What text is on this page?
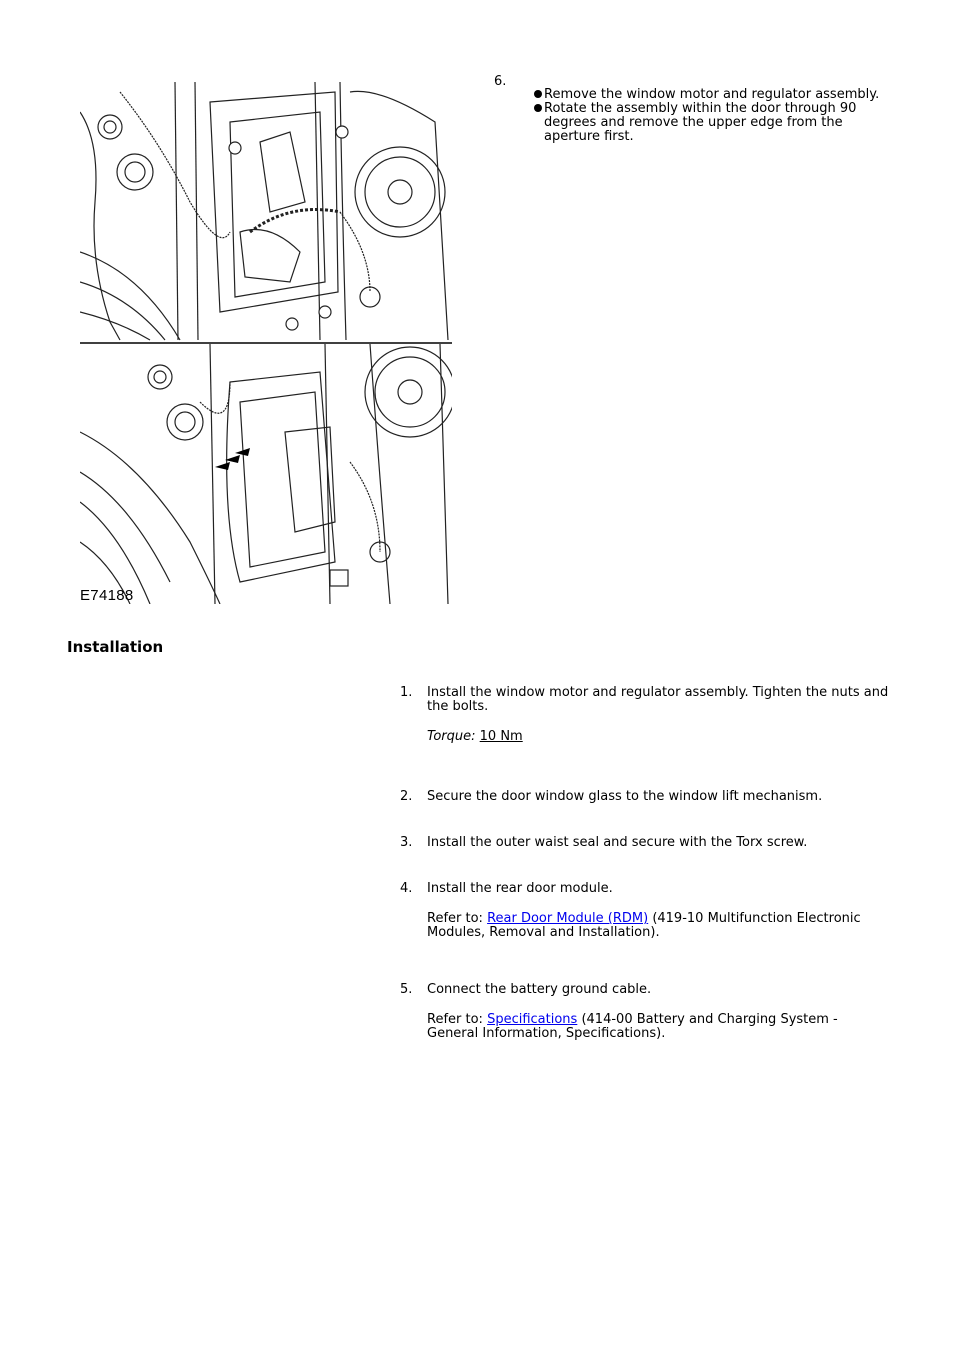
E74188
6.
Remove the window motor and regulator assembly.
Rotate the assembly within the door through 90 degrees and remove the upper edge from the aperture first.
Installation
1. Install the window motor and regulator assembly. Tighten the nuts and the bolts.
Torque: 10 Nm
2. Secure the door window glass to the window lift mechanism.
3. Install the outer waist seal and secure with the Torx screw.
4. Install the rear door module.
Refer to: Rear Door Module (RDM) (419-10 Multifunction Electronic Modules, Removal and Installation).
5. Connect the battery ground cable.
Refer to: Specifications (414-00 Battery and Charging System - General Information, Specifications).
